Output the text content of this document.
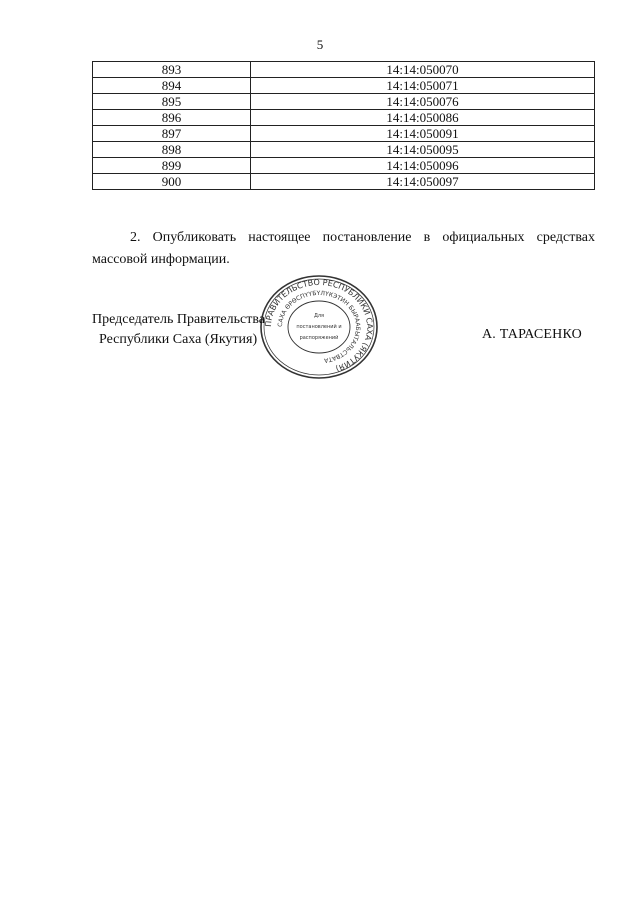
5
893	14:14:050070
894	14:14:050071
895	14:14:050076
896	14:14:050086
897	14:14:050091
898	14:14:050095
899	14:14:050096
900	14:14:050097

2. Опубликовать настоящее постановление в официальных средствах массовой информации.

ПРАВИТЕЛЬСТВО РЕСПУБЛИКИ САХА (ЯКУТИЯ)
САХА ӨРӨСПҮҮБҮЛҮКЭТИН БЫРААБЫТАЛЬСТВАТА
Для
постановлений и
распоряжений
Председатель Правительства
Республики Саха (Якутия)	А. ТАРАСЕНКО
